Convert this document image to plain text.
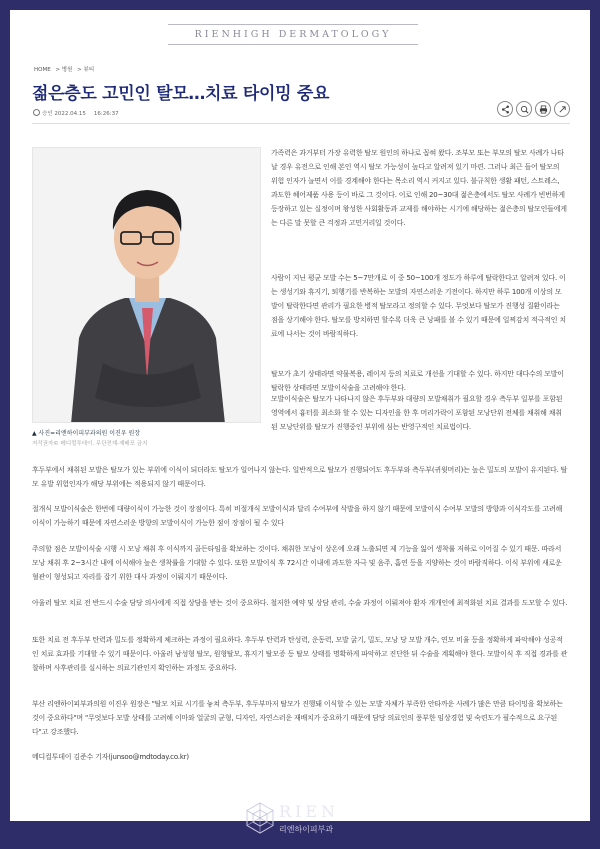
RIENHIGH DERMATOLOGY
HOME > 병원 > 뷰티
젊은층도 고민인 탈모…치료 타이밍 중요
승인 2022.04.15 16:26:37
▲ 사진=리엔하이피부과의원 이진우 원장
저작권자© 메디컬투데이. 무단전재-재배포 금지

가족력은 과거부터 가장 유력한 탈모 원인의 하나로 꼽혀 왔다. 조부모 또는 부모의 탈모 사례가 나타날 경우 유전으로 인해 본인 역시 탈모 가능성이 높다고 알려져 있기 마련. 그러나 최근 들어 탈모의 위험 인자가 늘면서 이를 경계해야 한다는 목소리 역시 커지고 있다. 불규칙한 생활 패턴, 스트레스, 과도한 헤어제품 사용 등이 바로 그 것이다. 이로 인해 20~30대 젊은층에서도 탈모 사례가 빈번하게 등장하고 있는 실정이며 왕성한 사회활동과 교제를 해야하는 시기에 해당하는 젊은층의 탈모인들에게는 다른 말 못할 큰 걱정과 고민거리일 것이다.

사람이 지닌 평균 모발 수는 5~7만개로 이 중 50~100개 정도가 하루에 탈락한다고 알려져 있다. 이는 생성기와 휴지기, 퇴행기를 반복하는 모발의 자연스러운 기전이다. 하지만 하루 100개 이상의 모발이 탈락한다면 관리가 필요한 병적 탈모라고 정의할 수 있다. 무엇보다 탈모가 진행성 질환이라는 점을 상기해야 한다. 탈모를 방치하면 할수록 더욱 큰 낭패를 볼 수 있기 때문에 일찌감치 적극적인 치료에 나서는 것이 바람직하다.

탈모가 초기 상태라면 약물복용, 레이저 등의 치료로 개선을 기대할 수 있다. 하지만 대다수의 모발이 탈락한 상태라면 모발이식술을 고려해야 한다.

모발이식술은 탈모가 나타나지 않은 후두부와 대량의 모발채취가 필요할 경우 측두부 일부를 포함된 영역에서 흉터를 최소화 할 수 있는 디자인을 한 후 머리가락이 포함된 모낭단위 전체를 채취해 채취된 모낭단위를 탈모가 진행중인 부위에 심는 반영구적인 치료법이다.

후두부에서 채취된 모발은 탈모가 있는 부위에 이식이 되더라도 탈모가 일어나지 않는다. 일반적으로 탈모가 진행되어도 후두부와 측두부(귀윗머리)는 높은 밀도의 모발이 유지된다. 탈모 유발 위험인자가 해당 부위에는 적용되지 않기 때문이다.

절개식 모발이식술은 한번에 대량이식이 가능한 것이 장점이다. 특히 비절개식 모발이식과 달리 수여부에 삭발을 하지 않기 때문에 모발이식 수여부 모발의 방향과 이식각도를 고려해 이식이 가능하기 때문에 자연스러운 방향의 모발이식이 가능한 점이 장점이 될 수 있다

주의할 점은 모발이식술 시행 시 모낭 채취 후 이식까지 골든타임을 확보하는 것이다. 채취한 모낭이 상온에 오래 노출되면 제 기능을 잃어 생착률 저하로 이어질 수 있기 때문. 따라서 모낭 채취 후 2~3시간 내에 이식해야 높은 생착률을 기대할 수 있다. 또한 모발이식 후 72시간 이내에 과도한 자극 및 음주, 흡연 등을 지양하는 것이 바람직하다. 이식 부위에 새로운 혈관이 형성되고 자리를 잡기 위한 대사 과정이 이뤄지기 때문이다.

아울러 탈모 치료 전 반드시 수술 담당 의사에게 직접 상담을 받는 것이 중요하다. 철저한 예약 및 상담 관리, 수술 과정이 이뤄져야 환자 개개인에 최적화된 치료 결과를 도모할 수 있다.

또한 치료 전 후두부 탄력과 밀도를 정확하게 체크하는 과정이 필요하다. 후두부 탄력과 탄성력, 운동력, 모발 굵기, 밀도, 모낭 당 모발 개수, 연모 비율 등을 정확하게 파악해야 성공적인 치료 효과를 기대할 수 있기 때문이다. 아울러 남성형 탈모, 원형탈모, 휴지기 탈모증 등 탈모 상태를 명확하게 파악하고 진단한 뒤 수술을 계획해야 한다. 모발이식 후 직접 경과를 관찰하며 사후관리를 실시하는 의료기관인지 확인하는 과정도 중요하다.

부산 리엔하이피부과의원 이진우 원장은 "탈모 치료 시기를 놓쳐 측두부, 후두부마저 탈모가 진행돼 이식할 수 있는 모발 자체가 부족한 안타까운 사례가 많은 만큼 타이밍을 확보하는 것이 중요하다"며 "무엇보다 모발 상태를 고려해 이마와 얼굴의 균형, 디자인, 자연스러운 재배치가 중요하기 때문에 담당 의료인의 풍부한 임상경험 및 숙련도가 필수적으로 요구된다"고 강조했다.

메디컬투데이 김준수 기자(junsoo@mdtoday.co.kr)

RIEN
리엔하이피부과
